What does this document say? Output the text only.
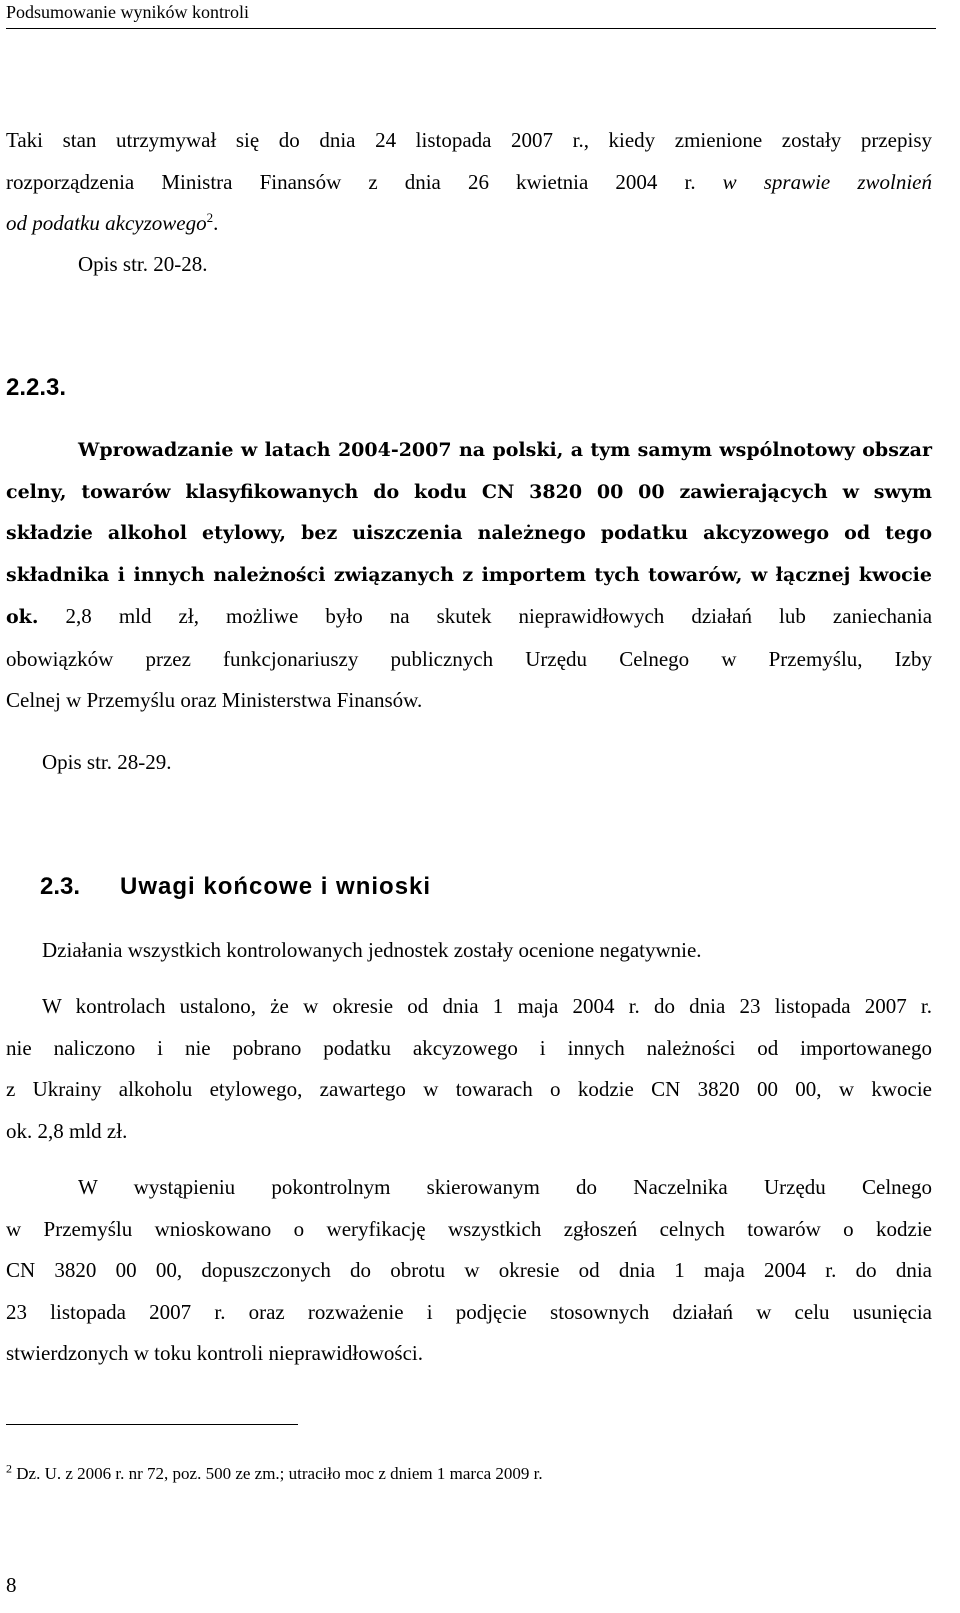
Podsumowanie wyników kontroli
Taki stan utrzymywał się do dnia 24 listopada 2007 r., kiedy zmienione zostały przepisy
rozporządzenia Ministra Finansów z dnia 26 kwietnia 2004 r. w sprawie zwolnień
od podatku akcyzowego$^2$.
Opis str. 20-28.
2.2.3.
Wprowadzanie w latach 2004-2007 na polski, a tym samym wspólnotowy obszar
celny, towarów klasyfikowanych do kodu CN 3820 00 00 zawierających w swym
składzie alkohol etylowy, bez uiszczenia należnego podatku akcyzowego od tego
składnika i innych należności związanych z importem tych towarów, w łącznej kwocie
ok. 2,8 mld zł, możliwe było na skutek nieprawidłowych działań lub zaniechania
obowiązków przez funkcjonariuszy publicznych Urzędu Celnego w Przemyślu, Izby
Celnej w Przemyślu oraz Ministerstwa Finansów.
Opis str. 28-29.
2.3. Uwagi końcowe i wnioski
Działania wszystkich kontrolowanych jednostek zostały ocenione negatywnie.
W kontrolach ustalono, że w okresie od dnia 1 maja 2004 r. do dnia 23 listopada 2007 r.
nie naliczono i nie pobrano podatku akcyzowego i innych należności od importowanego
z Ukrainy alkoholu etylowego, zawartego w towarach o kodzie CN 3820 00 00, w kwocie
ok. 2,8 mld zł.
W wystąpieniu pokontrolnym skierowanym do Naczelnika Urzędu Celnego
w Przemyślu wnioskowano o weryfikację wszystkich zgłoszeń celnych towarów o kodzie
CN 3820 00 00, dopuszczonych do obrotu w okresie od dnia 1 maja 2004 r. do dnia
23 listopada 2007 r. oraz rozważenie i podjęcie stosownych działań w celu usunięcia
stwierdzonych w toku kontroli nieprawidłowości.
$^2$ Dz. U. z 2006 r. nr 72, poz. 500 ze zm.; utraciło moc z dniem 1 marca 2009 r.
8
